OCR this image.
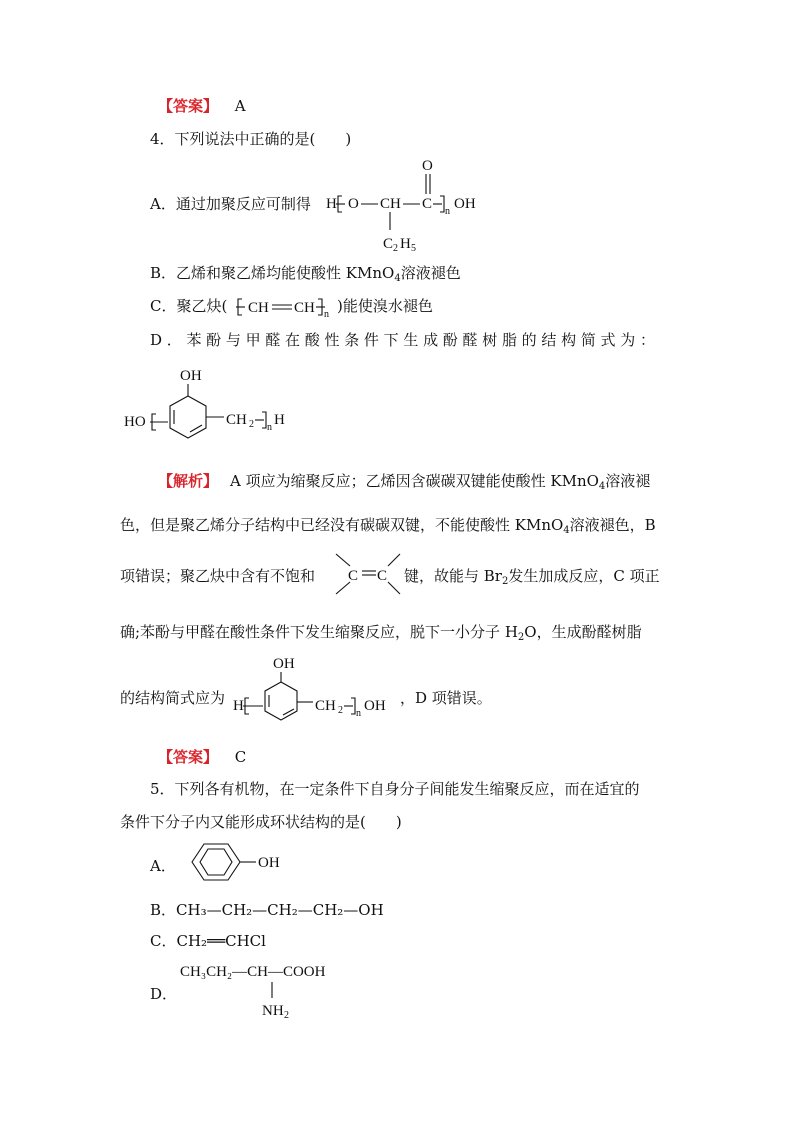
【答案】 A
4．下列说法中正确的是(　　)
A．通过加聚反应可制得 H O CH C
O
n OH
C 2 H 5
B．乙烯和聚乙烯均能使酸性 KMnO$_4$溶液褪色
C．聚乙炔( CH CH n )能使溴水褪色
D．苯酚与甲醛在酸性条件下生成酚醛树脂的结构简式为：
HO
OH
CH 2 n H
【解析】 A 项应为缩聚反应；乙烯因含碳碳双键能使酸性 KMnO$_4$溶液褪
色，但是聚乙烯分子结构中已经没有碳碳双键，不能使酸性 KMnO$_4$溶液褪色，B
项错误；聚乙炔中含有不饱和 C C 键，故能与 $Br_2$发生加成反应，C 项正
确;苯酚与甲醛在酸性条件下发生缩聚反应，脱下一小分子 $H_2O$，生成酚醛树脂
的结构简式应为 H
OH
CH 2 n OH ，D 项错误。
【答案】 C
5．下列各有机物，在一定条件下自身分子间能发生缩聚反应，而在适宜的
条件下分子内又能形成环状结构的是(　　)
A．	OH
B．CH₃—CH₂—CH₂—CH₂—OH
C．CH₂══CHCl
D．
CH₃CH₂—CH—COOH
NH 2
